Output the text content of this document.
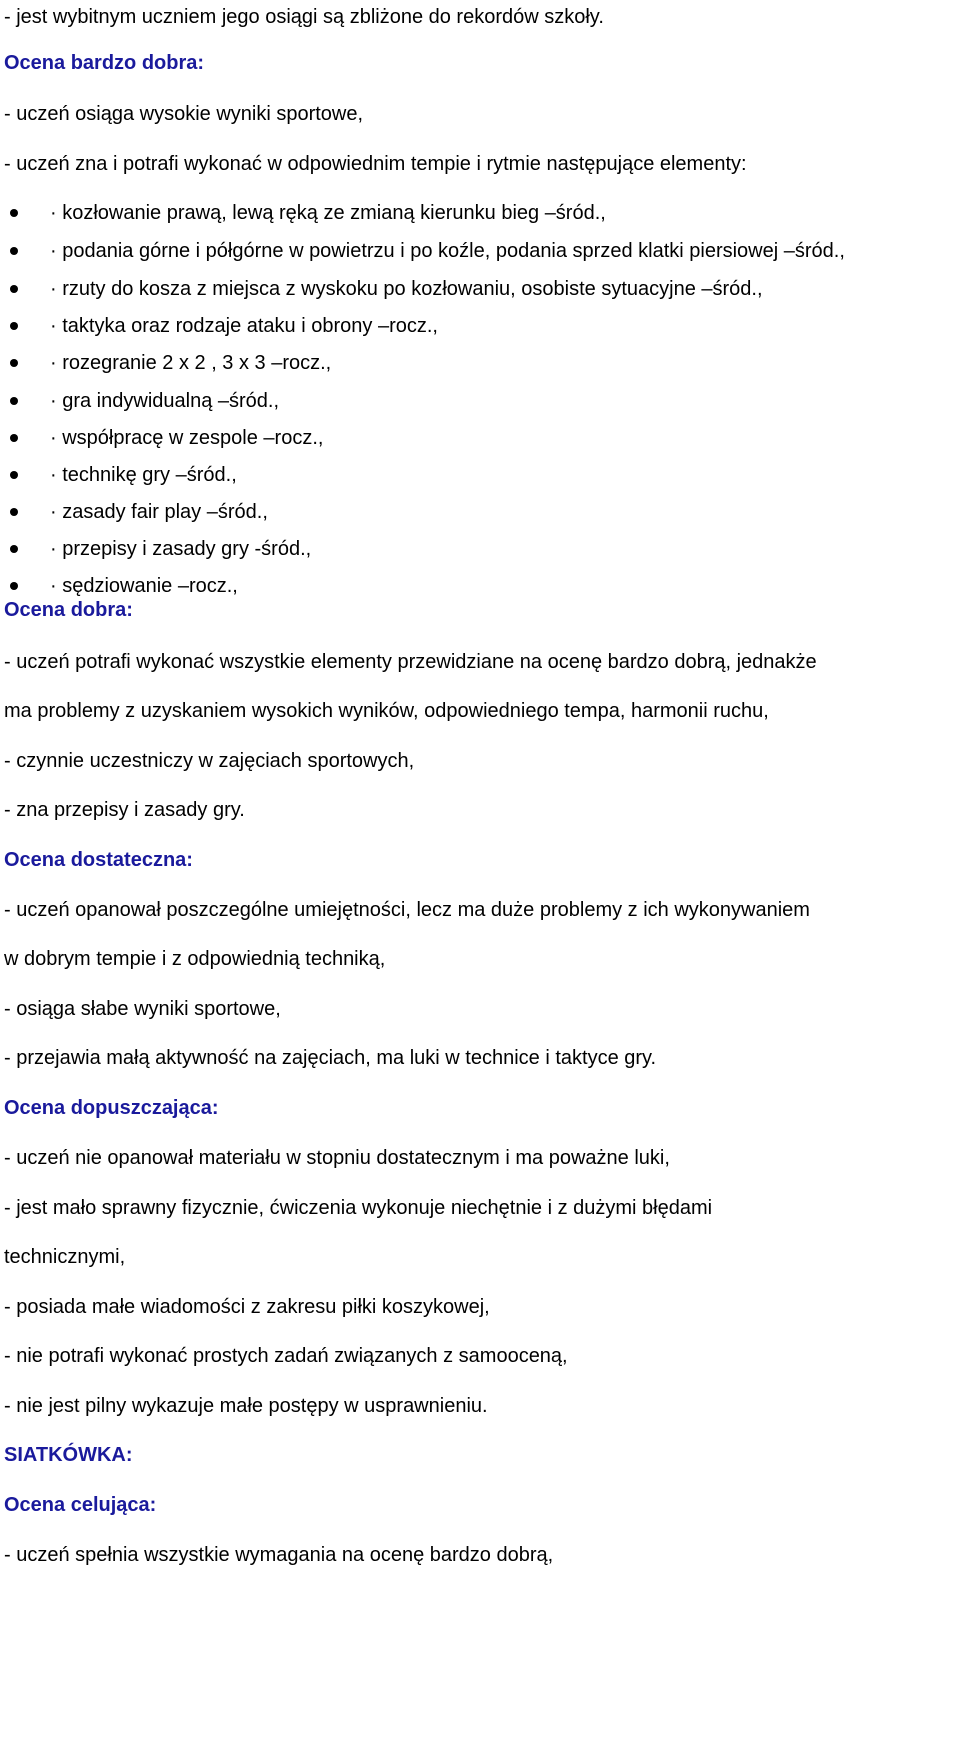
- jest wybitnym uczniem jego osiągi są zbliżone do rekordów szkoły.
Ocena bardzo dobra:
- uczeń osiąga wysokie wyniki sportowe,
- uczeń zna i potrafi wykonać w odpowiednim tempie i rytmie następujące elementy:
· kozłowanie prawą, lewą ręką ze zmianą kierunku bieg –śród.,
· podania górne i półgórne w powietrzu i po koźle, podania sprzed klatki piersiowej –śród.,
· rzuty do kosza z miejsca z wyskoku po kozłowaniu, osobiste sytuacyjne –śród.,
· taktyka oraz rodzaje ataku i obrony –rocz.,
· rozegranie 2 x 2 , 3 x 3 –rocz.,
· gra indywidualną –śród.,
· współpracę w zespole –rocz.,
· technikę gry –śród.,
· zasady fair play –śród.,
· przepisy i zasady gry -śród.,
· sędziowanie –rocz.,
Ocena dobra:
- uczeń potrafi wykonać wszystkie elementy przewidziane na ocenę bardzo dobrą, jednakże
ma problemy z uzyskaniem wysokich wyników, odpowiedniego tempa, harmonii ruchu,
- czynnie uczestniczy w zajęciach sportowych,
- zna przepisy i zasady gry.
Ocena dostateczna:
- uczeń opanował poszczególne umiejętności, lecz ma duże problemy z ich wykonywaniem
w dobrym tempie i z odpowiednią techniką,
- osiąga słabe wyniki sportowe,
- przejawia małą aktywność na zajęciach, ma luki w technice i taktyce gry.
Ocena dopuszczająca:
- uczeń nie opanował materiału w stopniu dostatecznym i ma poważne luki,
- jest mało sprawny fizycznie, ćwiczenia wykonuje niechętnie i z dużymi błędami
technicznymi,
- posiada małe wiadomości z zakresu piłki koszykowej,
- nie potrafi wykonać prostych zadań związanych z samooceną,
- nie jest pilny wykazuje małe postępy w usprawnieniu.
SIATKÓWKA:
Ocena celująca:
- uczeń spełnia wszystkie wymagania na ocenę bardzo dobrą,
